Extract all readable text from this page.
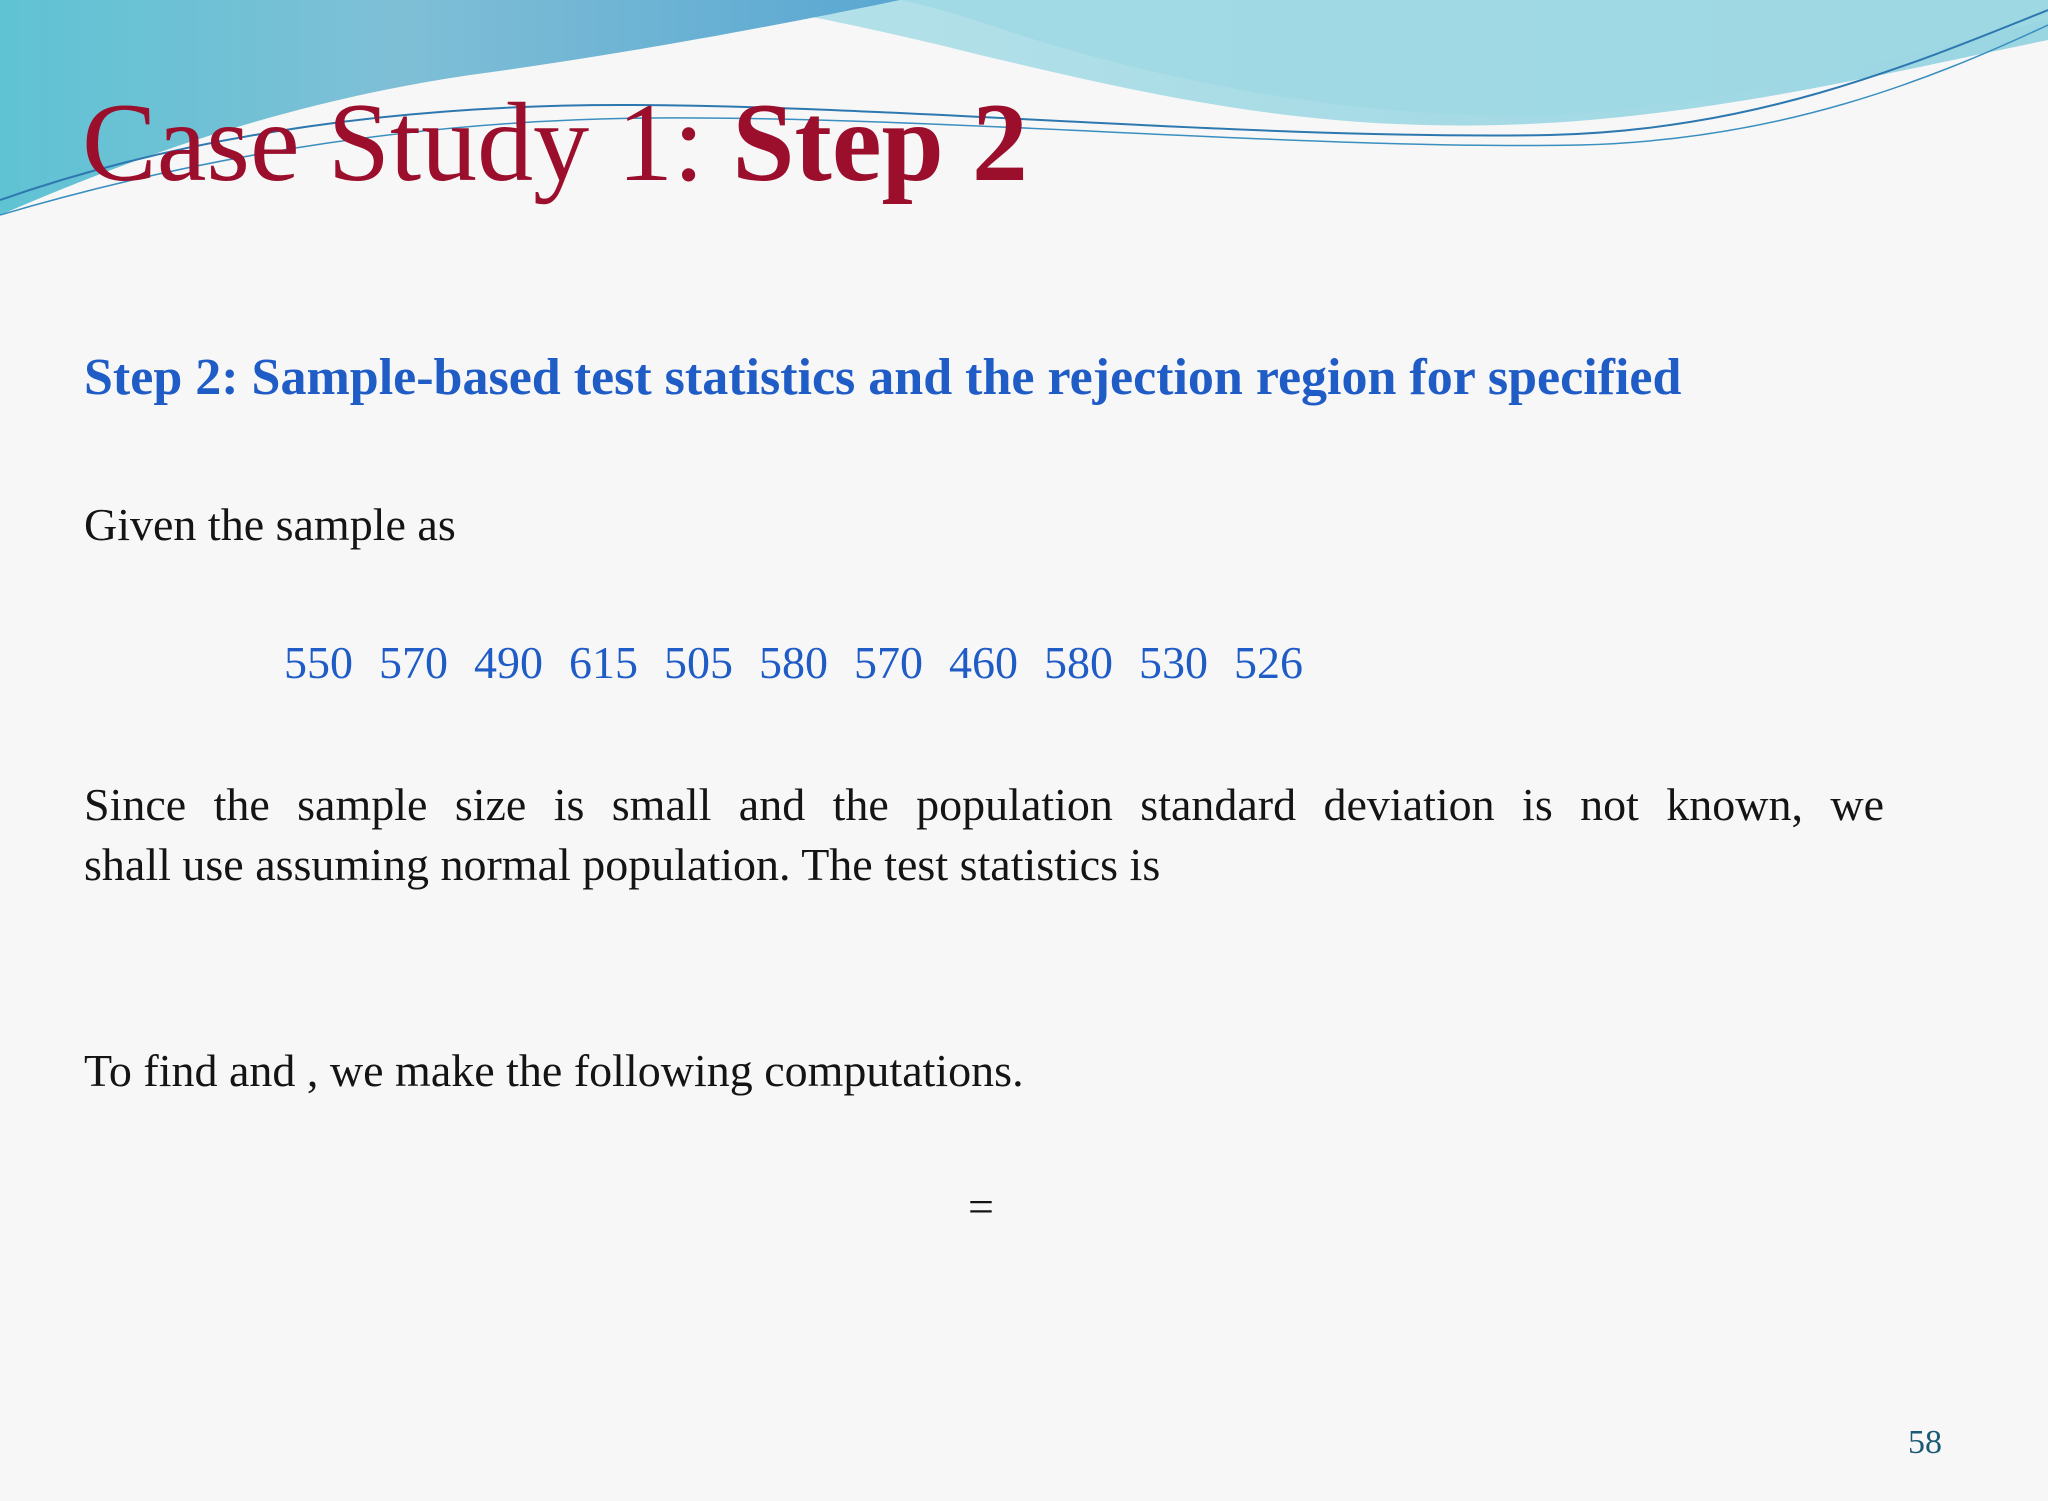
Case Study 1: Step 2

Step 2: Sample-based test statistics and the rejection region for specified

Given the sample as

550 570 490 615 505 580 570 460 580 530 526

Since the sample size is small and the population standard deviation is not known, we
shall use assuming normal population. The test statistics is

To find and , we make the following computations.

=

58
